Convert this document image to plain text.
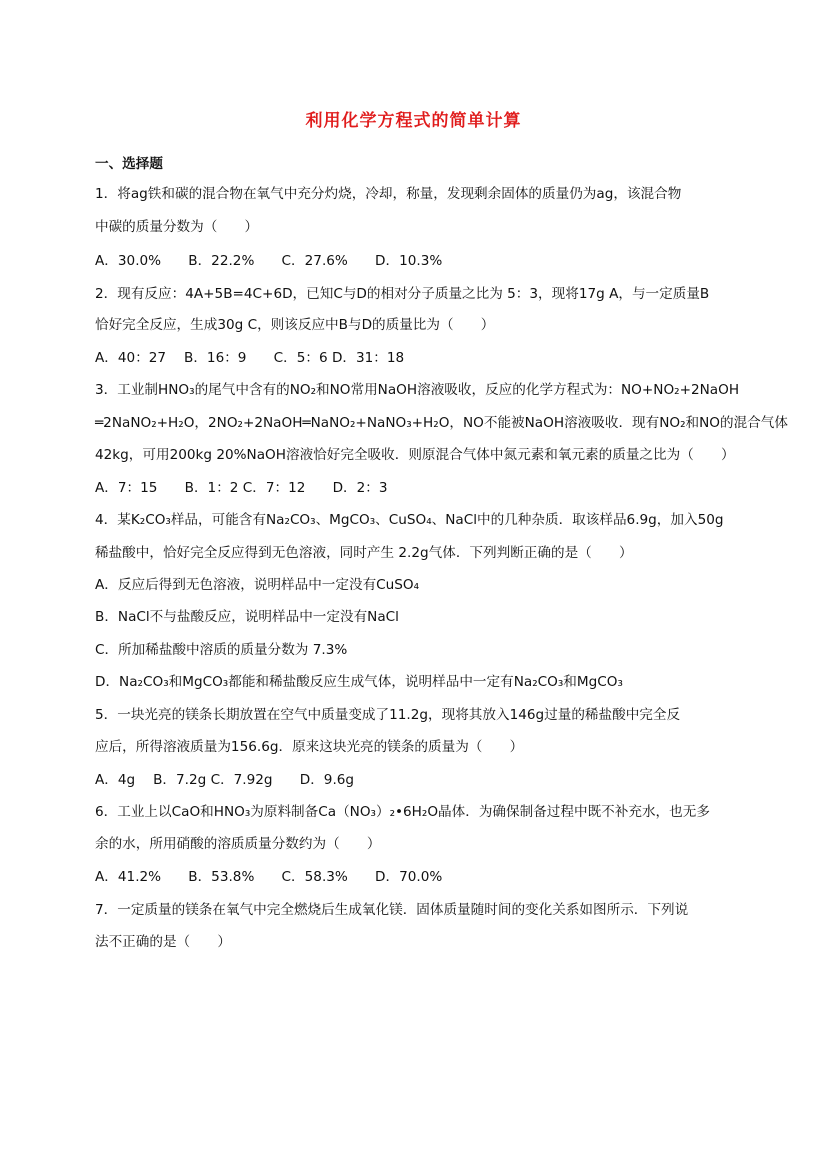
利用化学方程式的简单计算
一、选择题
1．将ag铁和碳的混合物在氧气中充分灼烧，冷却，称量，发现剩余固体的质量仍为ag，该混合物
中碳的质量分数为（　　）
A．30.0%　　B．22.2%　　C．27.6%　　D．10.3%
2．现有反应：4A+5B=4C+6D，已知C与D的相对分子质量之比为 5：3，现将17g A，与一定质量B
恰好完全反应，生成30g C，则该反应中B与D的质量比为（　　）
A．40：27　 B．16：9　　C．5：6 D．31：18
3．工业制HNO₃的尾气中含有的NO₂和NO常用NaOH溶液吸收，反应的化学方程式为：NO+NO₂+2NaOH
═2NaNO₂+H₂O，2NO₂+2NaOH═NaNO₂+NaNO₃+H₂O，NO不能被NaOH溶液吸收．现有NO₂和NO的混合气体
42kg，可用200kg 20%NaOH溶液恰好完全吸收．则原混合气体中氮元素和氧元素的质量之比为（　　）
A．7：15　　B．1：2 C．7：12　　D．2：3
4．某K₂CO₃样品，可能含有Na₂CO₃、MgCO₃、CuSO₄、NaCl中的几种杂质．取该样品6.9g，加入50g
稀盐酸中，恰好完全反应得到无色溶液，同时产生 2.2g气体．下列判断正确的是（　　）
A．反应后得到无色溶液，说明样品中一定没有CuSO₄
B．NaCl不与盐酸反应，说明样品中一定没有NaCl
C．所加稀盐酸中溶质的质量分数为 7.3%
D．Na₂CO₃和MgCO₃都能和稀盐酸反应生成气体，说明样品中一定有Na₂CO₃和MgCO₃
5．一块光亮的镁条长期放置在空气中质量变成了11.2g，现将其放入146g过量的稀盐酸中完全反
应后，所得溶液质量为156.6g．原来这块光亮的镁条的质量为（　　）
A．4g　 B．7.2g C．7.92g　　D．9.6g
6．工业上以CaO和HNO₃为原料制备Ca（NO₃）₂•6H₂O晶体．为确保制备过程中既不补充水，也无多
余的水，所用硝酸的溶质质量分数约为（　　）
A．41.2%　　B．53.8%　　C．58.3%　　D．70.0%
7．一定质量的镁条在氧气中完全燃烧后生成氧化镁．固体质量随时间的变化关系如图所示．下列说
法不正确的是（　　）
